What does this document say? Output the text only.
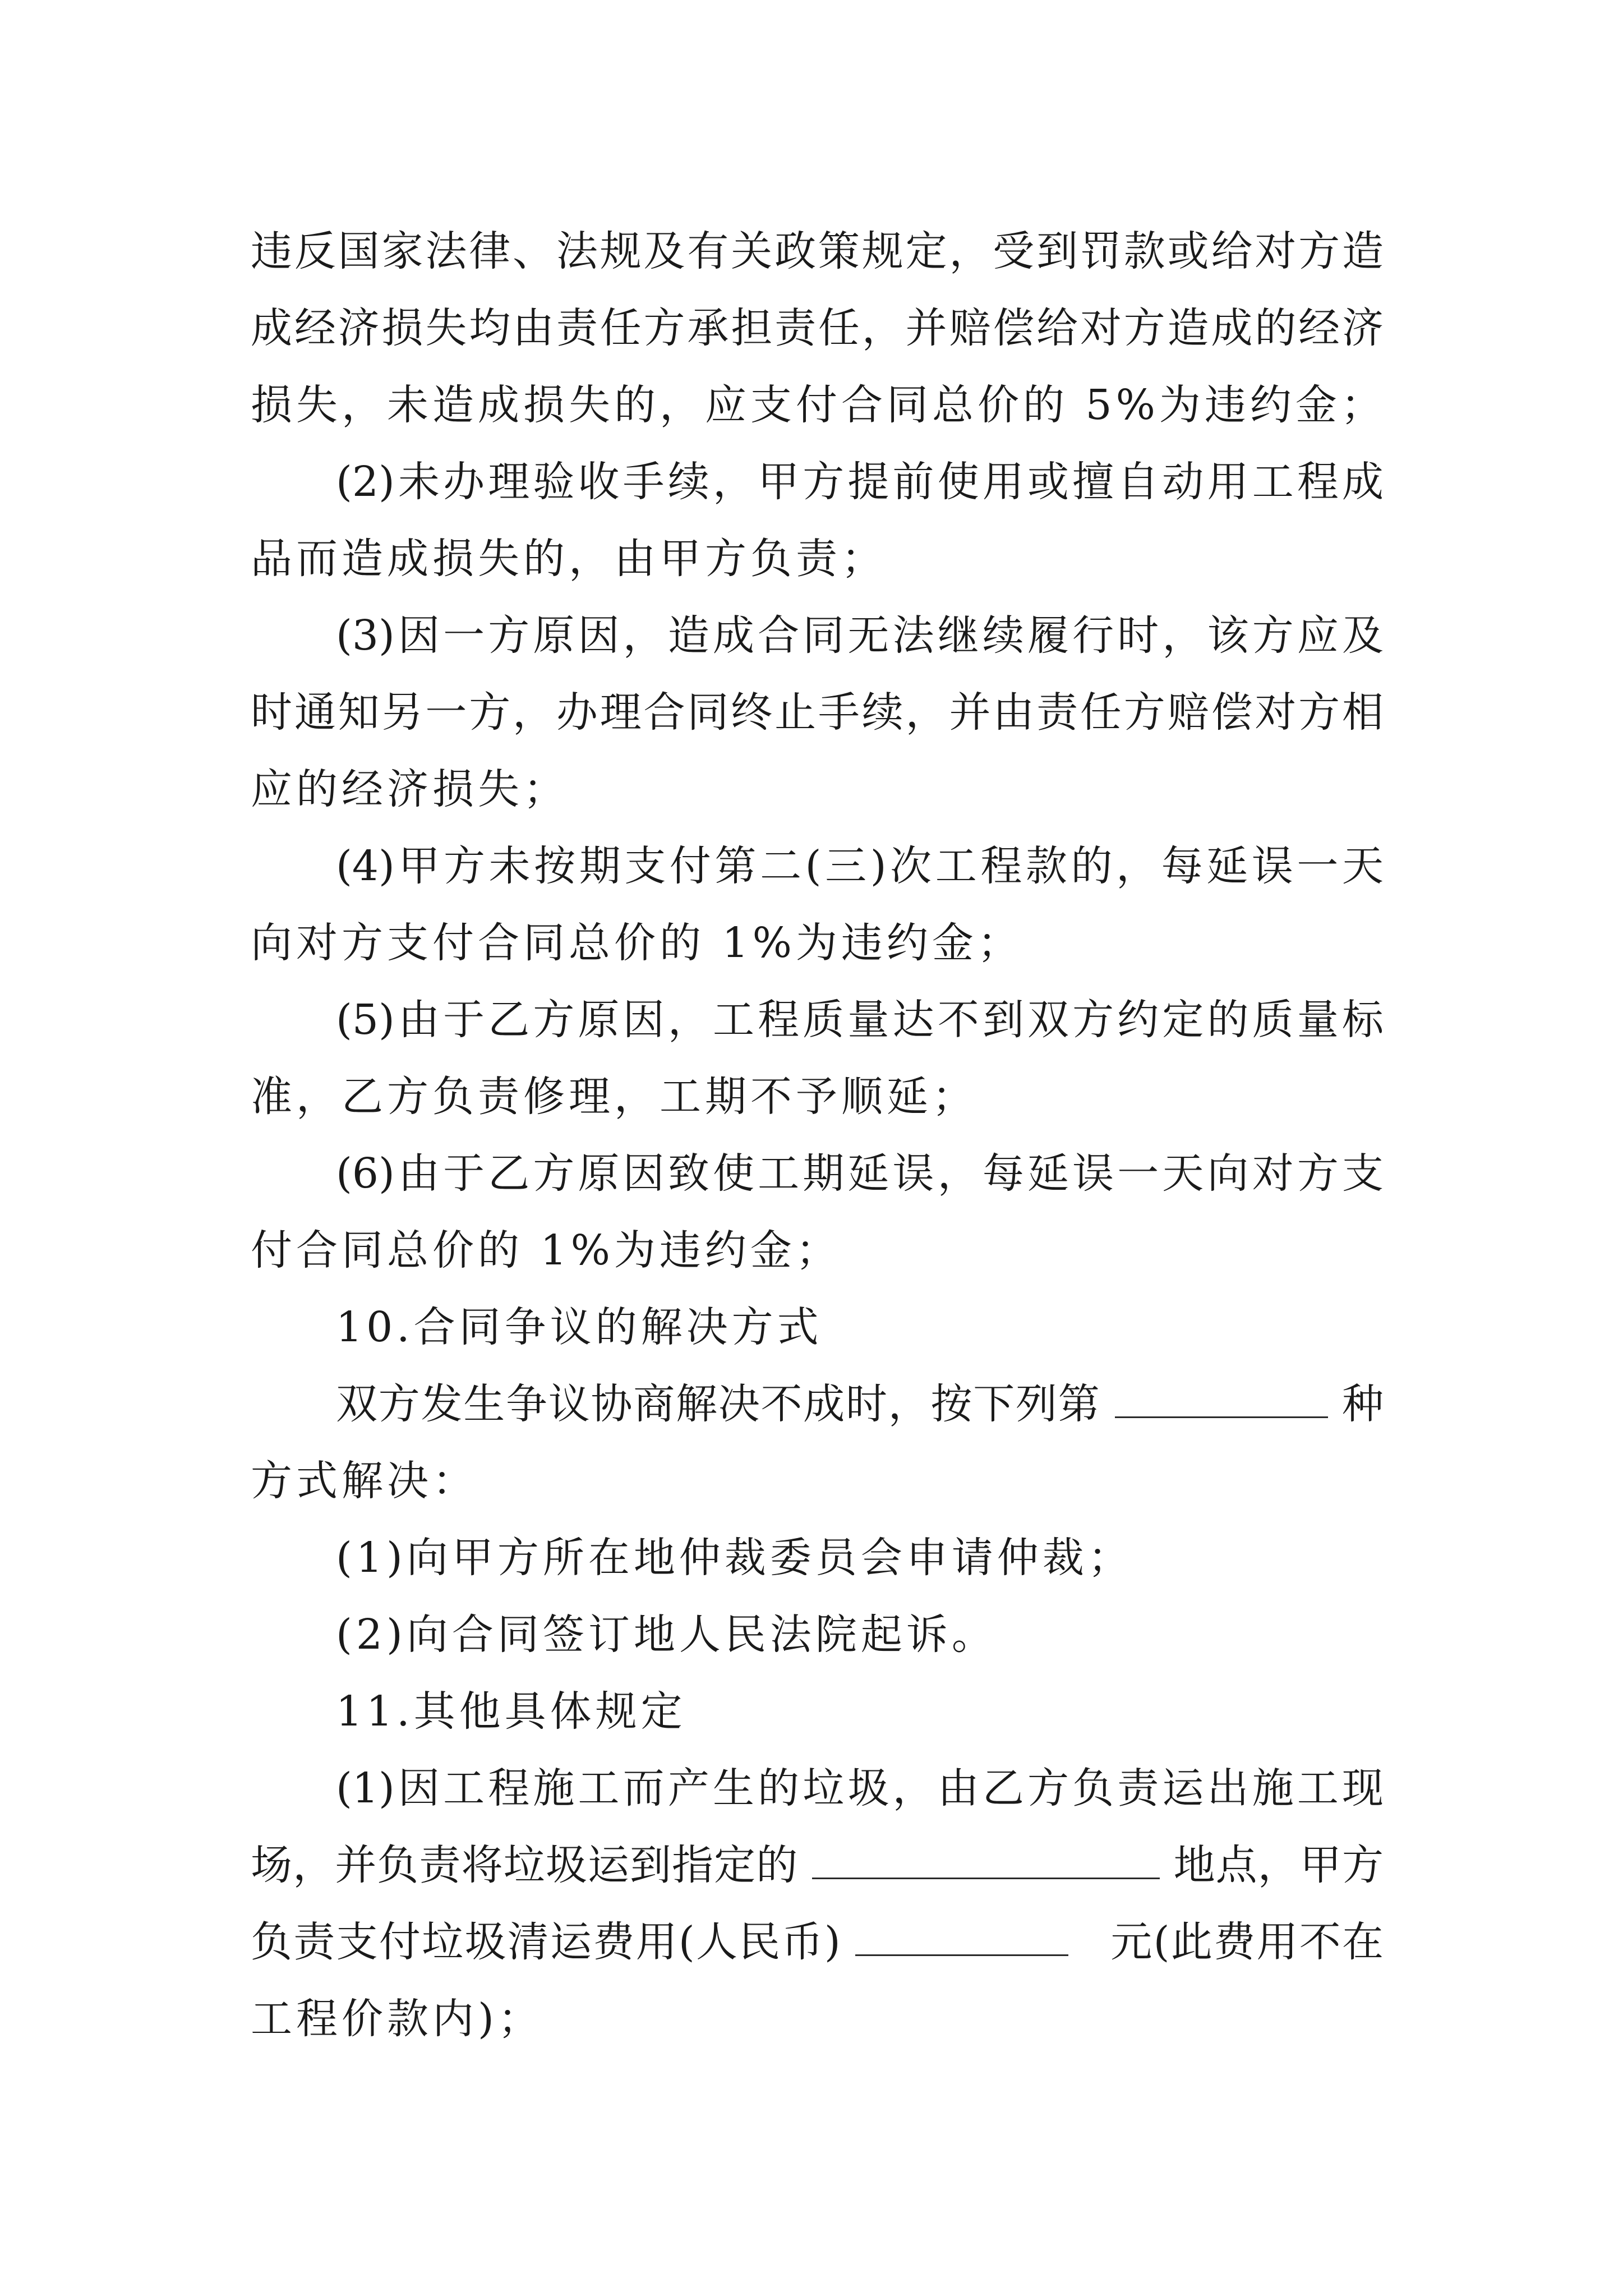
违反国家法律、法规及有关政策规定，受到罚款或给对方造
成经济损失均由责任方承担责任，并赔偿给对方造成的经济
损失，未造成损失的，应支付合同总价的 5%为违约金；
(2)未办理验收手续，甲方提前使用或擅自动用工程成
品而造成损失的，由甲方负责；
(3)因一方原因，造成合同无法继续履行时，该方应及
时通知另一方，办理合同终止手续，并由责任方赔偿对方相
应的经济损失；
(4)甲方未按期支付第二(三)次工程款的，每延误一天
向对方支付合同总价的 1%为违约金；
(5)由于乙方原因，工程质量达不到双方约定的质量标
准，乙方负责修理，工期不予顺延；
(6)由于乙方原因致使工期延误，每延误一天向对方支
付合同总价的 1%为违约金；
10.合同争议的解决方式
双方发生争议协商解决不成时，按下列第	种
方式解决：
(1)向甲方所在地仲裁委员会申请仲裁；
(2)向合同签订地人民法院起诉。
11.其他具体规定
(1)因工程施工而产生的垃圾，由乙方负责运出施工现
场，并负责将垃圾运到指定的	地点，甲方
负责支付垃圾清运费用(人民币)	元(此费用不在
工程价款内)；
